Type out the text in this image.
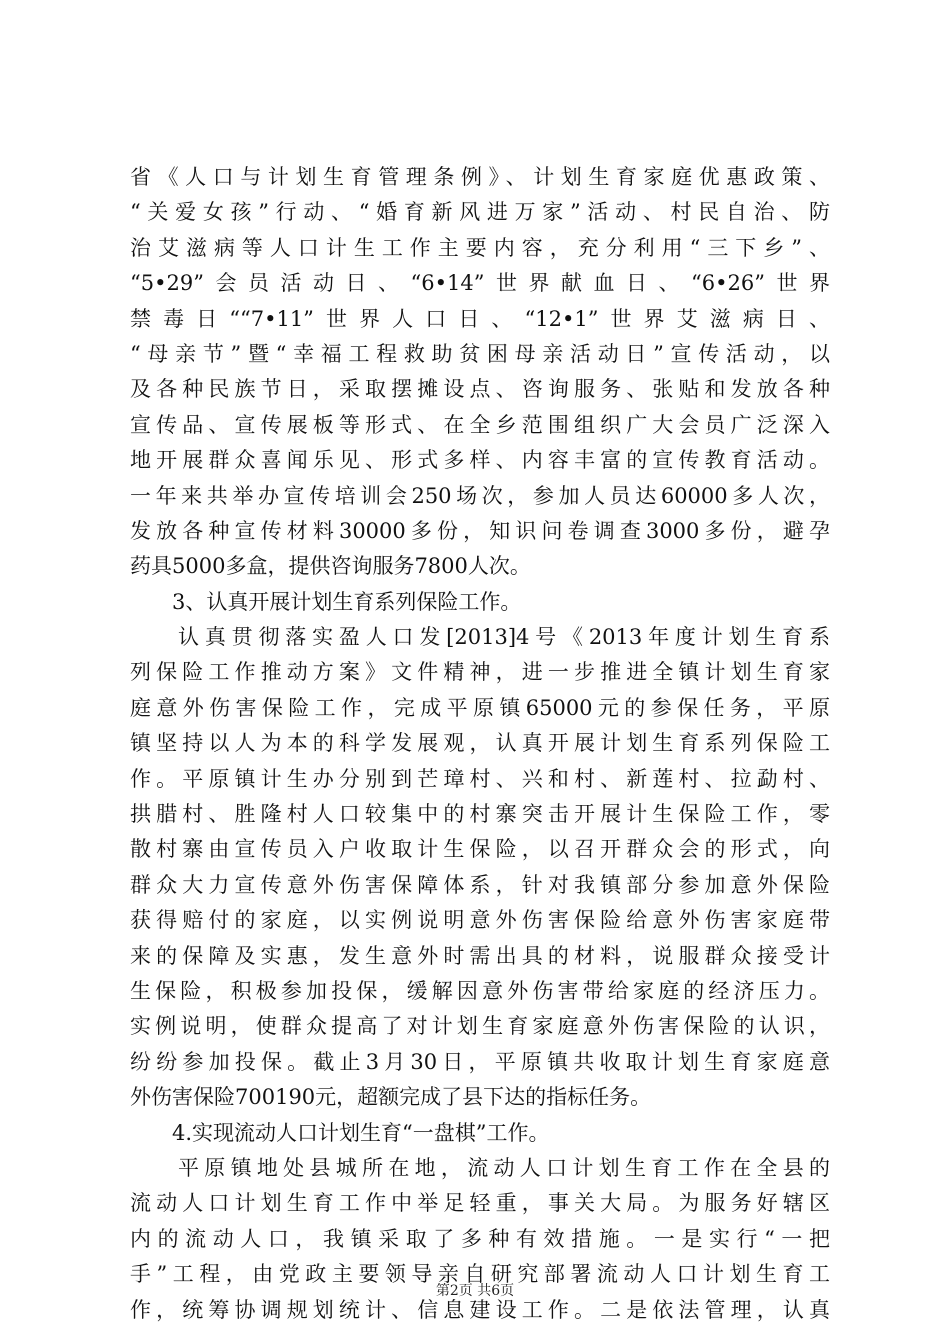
省《人口与计划生育管理条例》、计划生育家庭优惠政策、
“关爱女孩”行动、“婚育新风进万家”活动、村民自治、防
治艾滋病等人口计生工作主要内容，充分利用“三下乡”、
“5•29”会员活动日、“6•14”世界献血日、“6•26”世界
禁毒日““7•11”世界人口日、“12•1”世界艾滋病日、
“母亲节”暨“幸福工程救助贫困母亲活动日”宣传活动，以
及各种民族节日，采取摆摊设点、咨询服务、张贴和发放各种
宣传品、宣传展板等形式、在全乡范围组织广大会员广泛深入
地开展群众喜闻乐见、形式多样、内容丰富的宣传教育活动。
一年来共举办宣传培训会250场次，参加人员达60000多人次，
发放各种宣传材料30000多份，知识问卷调查3000多份，避孕
药具5000多盒，提供咨询服务7800人次。
3、认真开展计划生育系列保险工作。
认真贯彻落实盈人口发[2013]4号《2013年度计划生育系
列保险工作推动方案》文件精神，进一步推进全镇计划生育家
庭意外伤害保险工作，完成平原镇65000元的参保任务，平原
镇坚持以人为本的科学发展观，认真开展计划生育系列保险工
作。平原镇计生办分别到芒璋村、兴和村、新莲村、拉勐村、
拱腊村、胜隆村人口较集中的村寨突击开展计生保险工作，零
散村寨由宣传员入户收取计生保险，以召开群众会的形式，向
群众大力宣传意外伤害保障体系，针对我镇部分参加意外保险
获得赔付的家庭，以实例说明意外伤害保险给意外伤害家庭带
来的保障及实惠，发生意外时需出具的材料，说服群众接受计
生保险，积极参加投保，缓解因意外伤害带给家庭的经济压力。
实例说明，使群众提高了对计划生育家庭意外伤害保险的认识，
纷纷参加投保。截止3月30日，平原镇共收取计划生育家庭意
外伤害保险700190元，超额完成了县下达的指标任务。
4.实现流动人口计划生育“一盘棋”工作。
平原镇地处县城所在地，流动人口计划生育工作在全县的
流动人口计划生育工作中举足轻重，事关大局。为服务好辖区
内的流动人口，我镇采取了多种有效措施。一是实行“一把
手”工程，由党政主要领导亲自研究部署流动人口计划生育工
作，统筹协调规划统计、信息建设工作。二是依法管理，认真
第2页 共6页
